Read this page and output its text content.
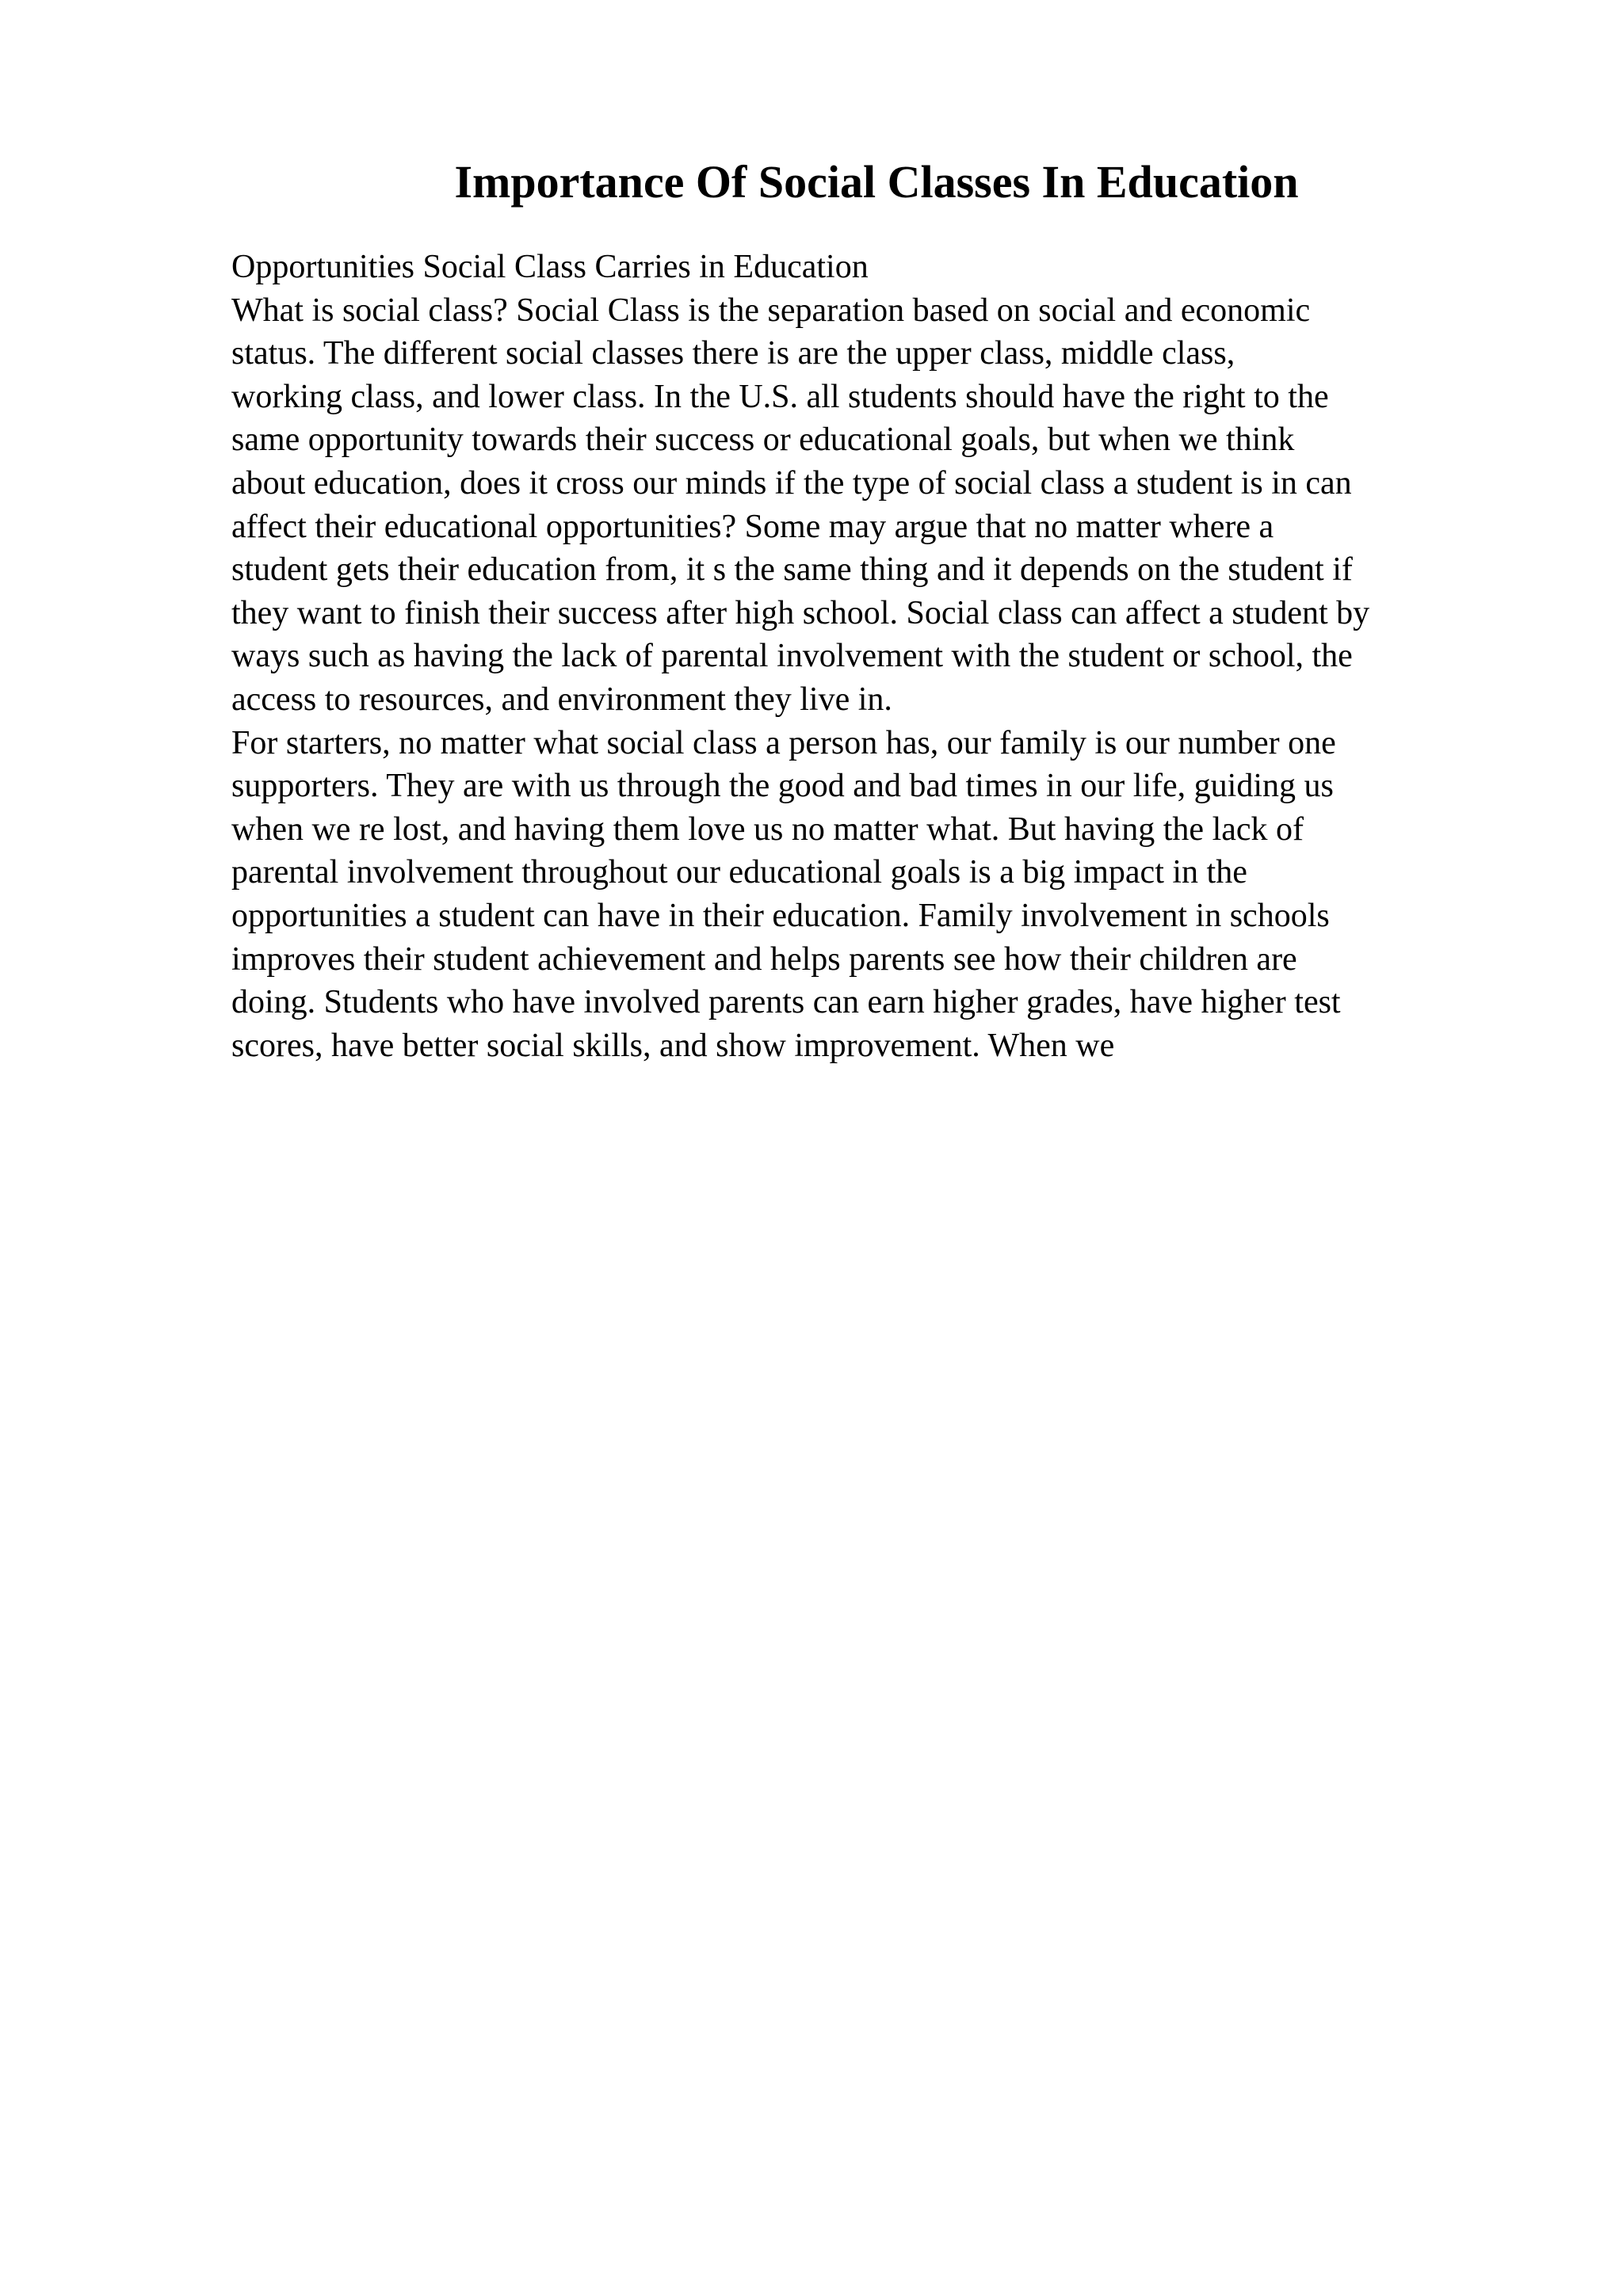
Importance Of Social Classes In Education
Opportunities Social Class Carries in Education
What is social class? Social Class is the separation based on social and economic
status. The different social classes there is are the upper class, middle class,
working class, and lower class. In the U.S. all students should have the right to the
same opportunity towards their success or educational goals, but when we think
about education, does it cross our minds if the type of social class a student is in can
affect their educational opportunities? Some may argue that no matter where a
student gets their education from, it s the same thing and it depends on the student if
they want to finish their success after high school. Social class can affect a student by
ways such as having the lack of parental involvement with the student or school, the
access to resources, and environment they live in.
For starters, no matter what social class a person has, our family is our number one
supporters. They are with us through the good and bad times in our life, guiding us
when we re lost, and having them love us no matter what. But having the lack of
parental involvement throughout our educational goals is a big impact in the
opportunities a student can have in their education. Family involvement in schools
improves their student achievement and helps parents see how their children are
doing. Students who have involved parents can earn higher grades, have higher test
scores, have better social skills, and show improvement. When we
